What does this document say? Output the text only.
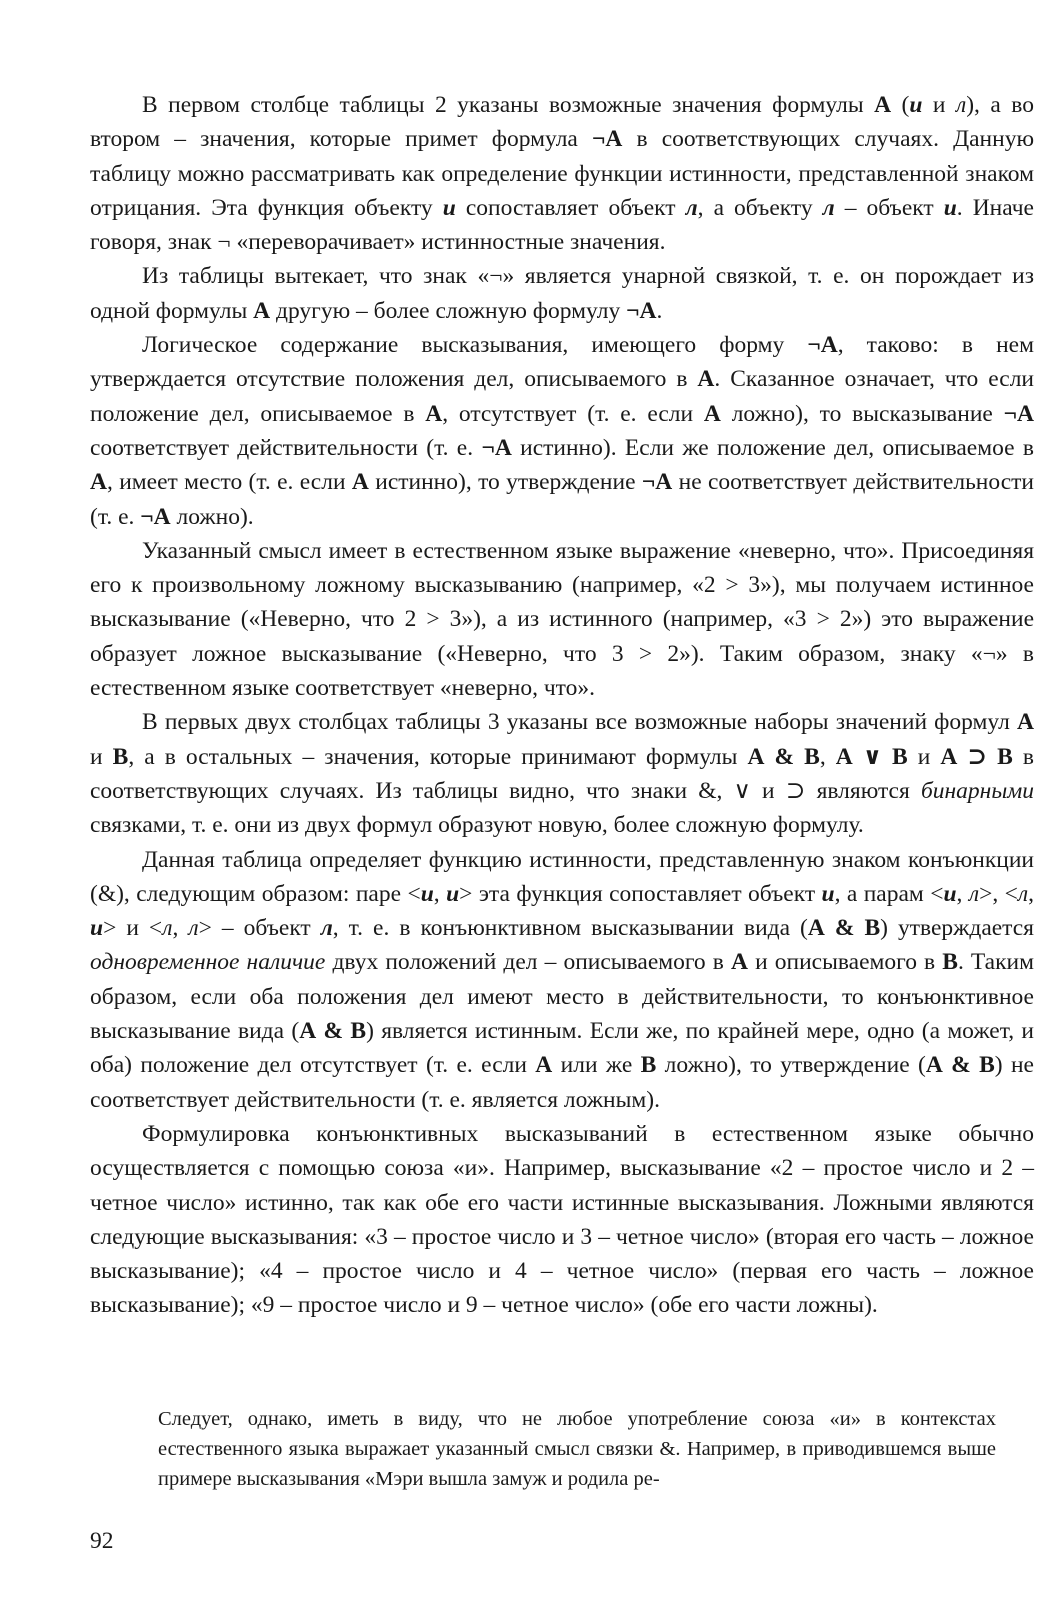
В первом столбце таблицы 2 указаны возможные значения формулы А (и и л), а во втором – значения, которые примет формула ¬А в соответствующих случаях. Данную таблицу можно рассматривать как определение функции истинности, представленной знаком отрицания. Эта функция объекту и сопоставляет объект л, а объекту л – объект и. Иначе говоря, знак ¬ «переворачивает» истинностные значения.

Из таблицы вытекает, что знак «¬» является унарной связкой, т. е. он порождает из одной формулы А другую – более сложную формулу ¬А.

Логическое содержание высказывания, имеющего форму ¬А, таково: в нем утверждается отсутствие положения дел, описываемого в А. Сказанное означает, что если положение дел, описываемое в А, отсутствует (т. е. если А ложно), то высказывание ¬А соответствует действительности (т. е. ¬А истинно). Если же положение дел, описываемое в А, имеет место (т. е. если А истинно), то утверждение ¬А не соответствует действительности (т. е. ¬А ложно).

Указанный смысл имеет в естественном языке выражение «неверно, что». Присоединяя его к произвольному ложному высказыванию (например, «2 > 3»), мы получаем истинное высказывание («Неверно, что 2 > 3»), а из истинного (например, «3 > 2») это выражение образует ложное высказывание («Неверно, что 3 > 2»). Таким образом, знаку «¬» в естественном языке соответствует «неверно, что».

В первых двух столбцах таблицы 3 указаны все возможные наборы значений формул А и В, а в остальных – значения, которые принимают формулы А & В, А ∨ В и А ⊃ В в соответствующих случаях. Из таблицы видно, что знаки &, ∨ и ⊃ являются бинарными связками, т. е. они из двух формул образуют новую, более сложную формулу.

Данная таблица определяет функцию истинности, представленную знаком конъюнкции (&), следующим образом: паре <и, и> эта функция сопоставляет объект и, а парам <и, л>, <л, и> и <л, л> – объект л, т. е. в конъюнктивном высказывании вида (А & В) утверждается одновременное наличие двух положений дел – описываемого в А и описываемого в В. Таким образом, если оба положения дел имеют место в действительности, то конъюнктивное высказывание вида (А & В) является истинным. Если же, по крайней мере, одно (а может, и оба) положение дел отсутствует (т. е. если А или же В ложно), то утверждение (А & В) не соответствует действительности (т. е. является ложным).

Формулировка конъюнктивных высказываний в естественном языке обычно осуществляется с помощью союза «и». Например, высказывание «2 – простое число и 2 – четное число» истинно, так как обе его части истинные высказывания. Ложными являются следующие высказывания: «3 – простое число и 3 – четное число» (вторая его часть – ложное высказывание); «4 – простое число и 4 – четное число» (первая его часть – ложное высказывание); «9 – простое число и 9 – четное число» (обе его части ложны).

Следует, однако, иметь в виду, что не любое употребление союза «и» в контекстах естественного языка выражает указанный смысл связки &. Например, в приводившемся выше примере высказывания «Мэри вышла замуж и родила ре-

92
